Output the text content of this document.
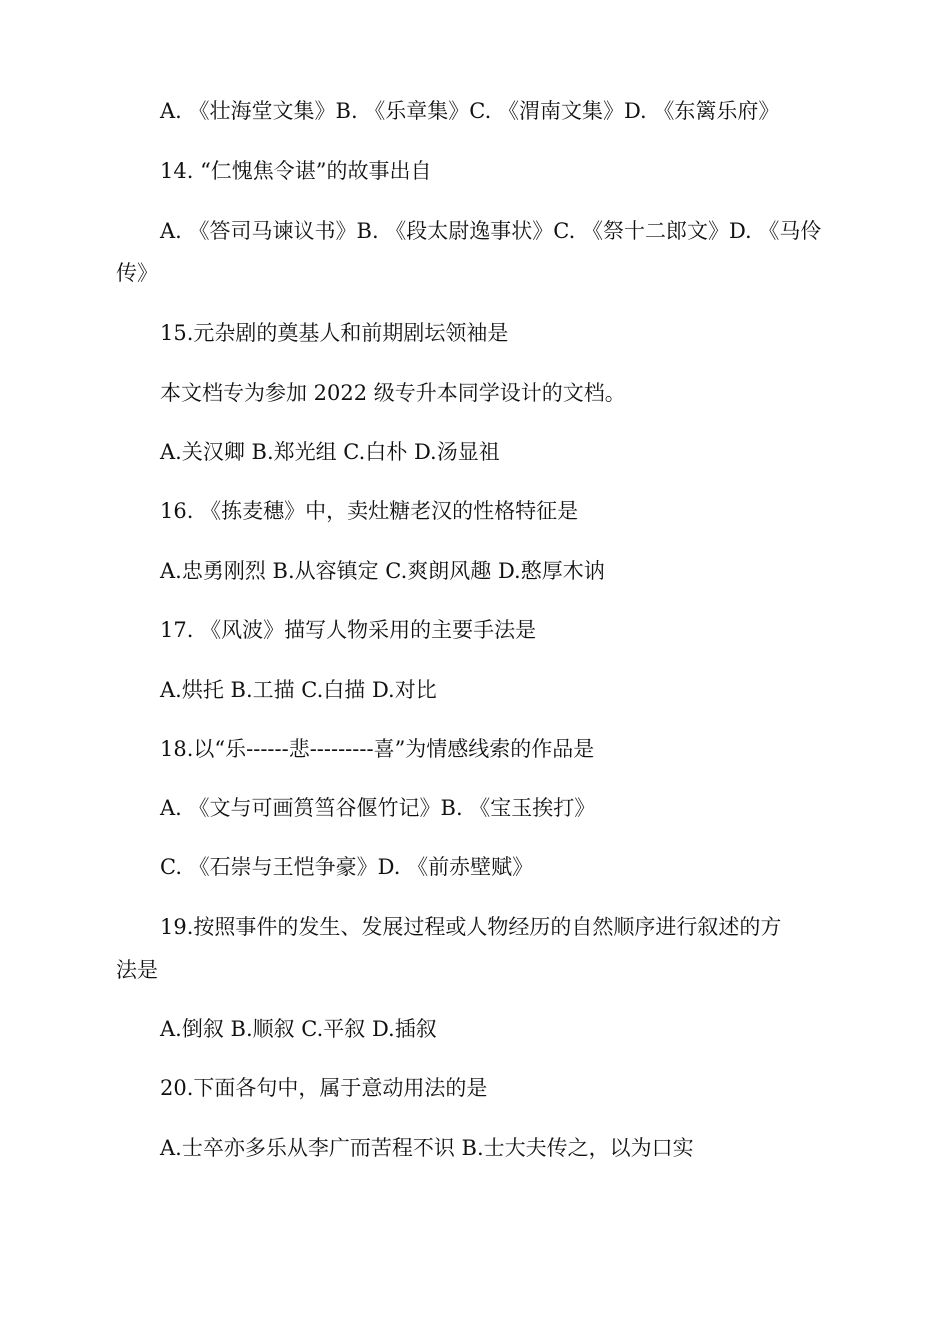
A. 《壮海堂文集》B. 《乐章集》C. 《渭南文集》D. 《东篱乐府》
14. “仁愧焦令谌”的故事出自
A. 《答司马谏议书》B. 《段太尉逸事状》C. 《祭十二郎文》D. 《马伶
传》
15.元杂剧的奠基人和前期剧坛领袖是
本文档专为参加 2022 级专升本同学设计的文档。
A.关汉卿 B.郑光组 C.白朴 D.汤显祖
16. 《拣麦穗》中，卖灶糖老汉的性格特征是
A.忠勇刚烈 B.从容镇定 C.爽朗风趣 D.憨厚木讷
17. 《风波》描写人物采用的主要手法是
A.烘托 B.工描 C.白描 D.对比
18.以“乐------悲---------喜”为情感线索的作品是
A. 《文与可画筼筜谷偃竹记》B. 《宝玉挨打》
C. 《石崇与王恺争豪》D. 《前赤壁赋》
19.按照事件的发生、发展过程或人物经历的自然顺序进行叙述的方
法是
A.倒叙 B.顺叙 C.平叙 D.插叙
20.下面各句中，属于意动用法的是
A.士卒亦多乐从李广而苦程不识 B.士大夫传之，以为口实
